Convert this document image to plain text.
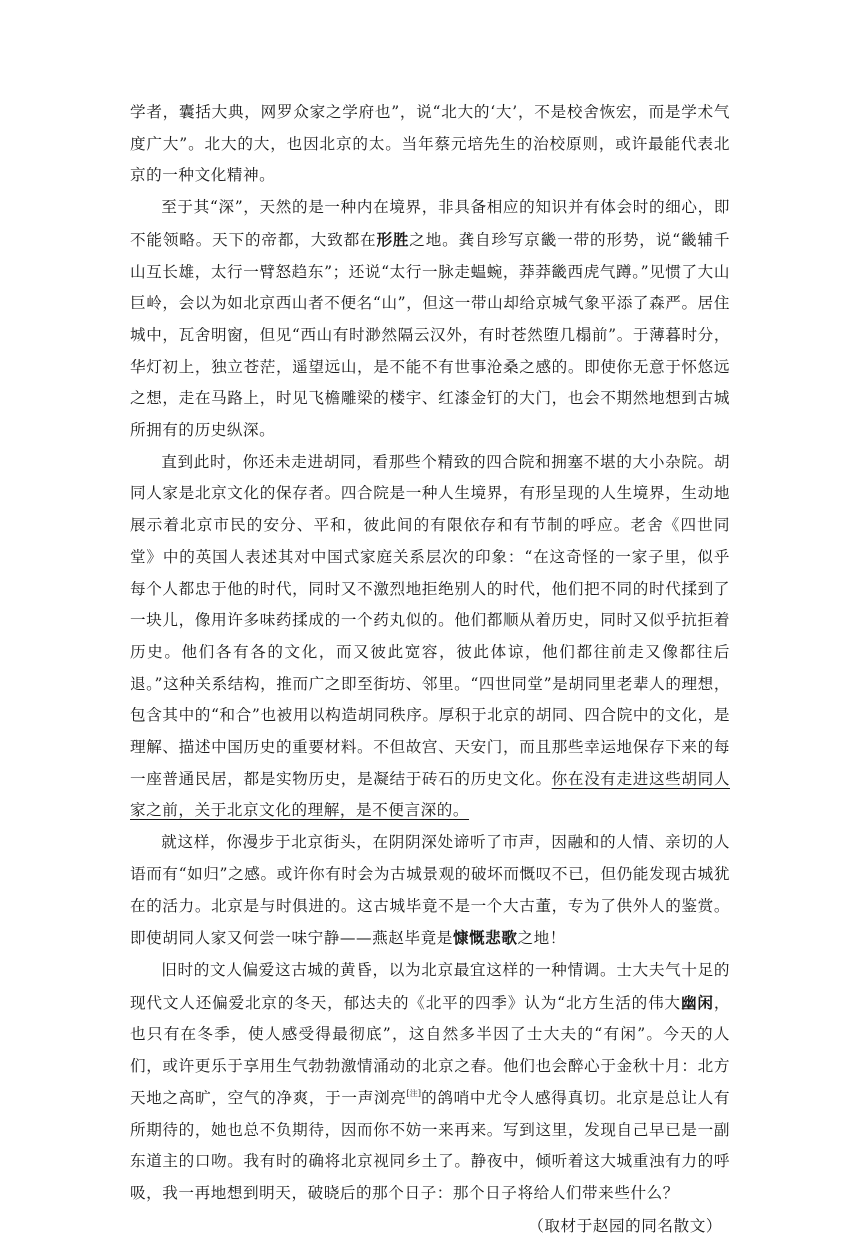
学者，囊括大典，网罗众家之学府也”，说“北大的‘大’，不是校舍恢宏，而是学术气度广大”。北大的大，也因北京的太。当年蔡元培先生的治校原则，或许最能代表北京的一种文化精神。

至于其“深”，天然的是一种内在境界，非具备相应的知识并有体会时的细心，即不能领略。天下的帝都，大致都在形胜之地。龚自珍写京畿一带的形势，说“畿辅千山互长雄，太行一臂怒趋东”；还说“太行一脉走蝹蜿，莽莽畿西虎气蹲。”见惯了大山巨岭，会以为如北京西山者不便名“山”，但这一带山却给京城气象平添了森严。居住城中，瓦舍明窗，但见“西山有时渺然隔云汉外，有时苍然堕几榻前”。于薄暮时分，华灯初上，独立苍茫，遥望远山，是不能不有世事沧桑之感的。即使你无意于怀悠远之想，走在马路上，时见飞檐雕梁的楼宇、红漆金钉的大门，也会不期然地想到古城所拥有的历史纵深。

直到此时，你还未走进胡同，看那些个精致的四合院和拥塞不堪的大小杂院。胡同人家是北京文化的保存者。四合院是一种人生境界，有形呈现的人生境界，生动地展示着北京市民的安分、平和，彼此间的有限依存和有节制的呼应。老舍《四世同堂》中的英国人表述其对中国式家庭关系层次的印象：“在这奇怪的一家子里，似乎每个人都忠于他的时代，同时又不激烈地拒绝别人的时代，他们把不同的时代揉到了一块儿，像用许多味药揉成的一个药丸似的。他们都顺从着历史，同时又似乎抗拒着历史。他们各有各的文化，而又彼此宽容，彼此体谅，他们都往前走又像都往后退。”这种关系结构，推而广之即至街坊、邻里。“四世同堂”是胡同里老辈人的理想，包含其中的“和合”也被用以构造胡同秩序。厚积于北京的胡同、四合院中的文化，是理解、描述中国历史的重要材料。不但故宫、天安门，而且那些幸运地保存下来的每一座普通民居，都是实物历史，是凝结于砖石的历史文化。你在没有走进这些胡同人家之前，关于北京文化的理解，是不便言深的。

就这样，你漫步于北京街头，在阴阴深处谛听了市声，因融和的人情、亲切的人语而有“如归”之感。或许你有时会为古城景观的破坏而慨叹不已，但仍能发现古城犹在的活力。北京是与时俱进的。这古城毕竟不是一个大古董，专为了供外人的鉴赏。即使胡同人家又何尝一味宁静——燕赵毕竟是慷慨悲歌之地！

旧时的文人偏爱这古城的黄昏，以为北京最宜这样的一种情调。士大夫气十足的现代文人还偏爱北京的冬天，郁达夫的《北平的四季》认为“北方生活的伟大幽闲，也只有在冬季，使人感受得最彻底”，这自然多半因了士大夫的“有闲”。今天的人们，或许更乐于享用生气勃勃激情涌动的北京之春。他们也会醉心于金秋十月：北方天地之高旷，空气的净爽，于一声浏亮[注]的鸽哨中尤令人感得真切。北京是总让人有所期待的，她也总不负期待，因而你不妨一来再来。写到这里，发现自己早已是一副东道主的口吻。我有时的确将北京视同乡土了。静夜中，倾听着这大城重浊有力的呼吸，我一再地想到明天，破晓后的那个日子：那个日子将给人们带来些什么？

（取材于赵园的同名散文）
